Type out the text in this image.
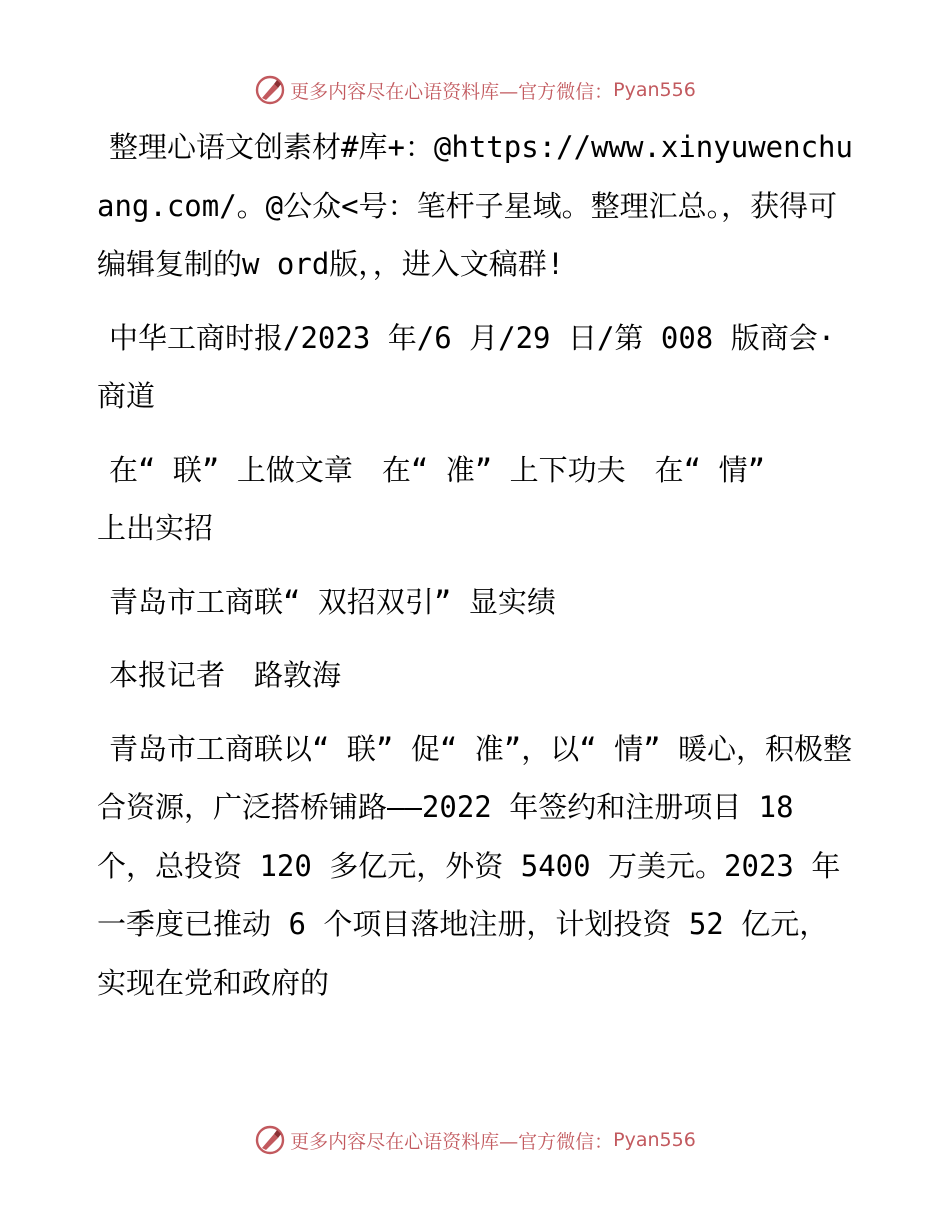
更多内容尽在心语资料库—官方微信： Pyan556

整理心语文创素材#库+：@https://www.xinyuwenchuang.com/。@公众<号：笔杆子星域。整理汇总。，获得可编辑复制的w ord版，，进入文稿群!

中华工商时报/2023 年/6 月/29 日/第 008 版商会· 商道

在“ 联” 上做文章　在“ 准” 上下功夫　在“ 情” 上出实招

青岛市工商联“ 双招双引” 显实绩

本报记者　路敦海

青岛市工商联以“ 联” 促“ 准”，以“ 情” 暖心，积极整合资源，广泛搭桥铺路——2022 年签约和注册项目 18 个，总投资 120 多亿元，外资 5400 万美元。2023 年一季度已推动 6 个项目落地注册，计划投资 52 亿元，实现在党和政府的

更多内容尽在心语资料库—官方微信： Pyan556
